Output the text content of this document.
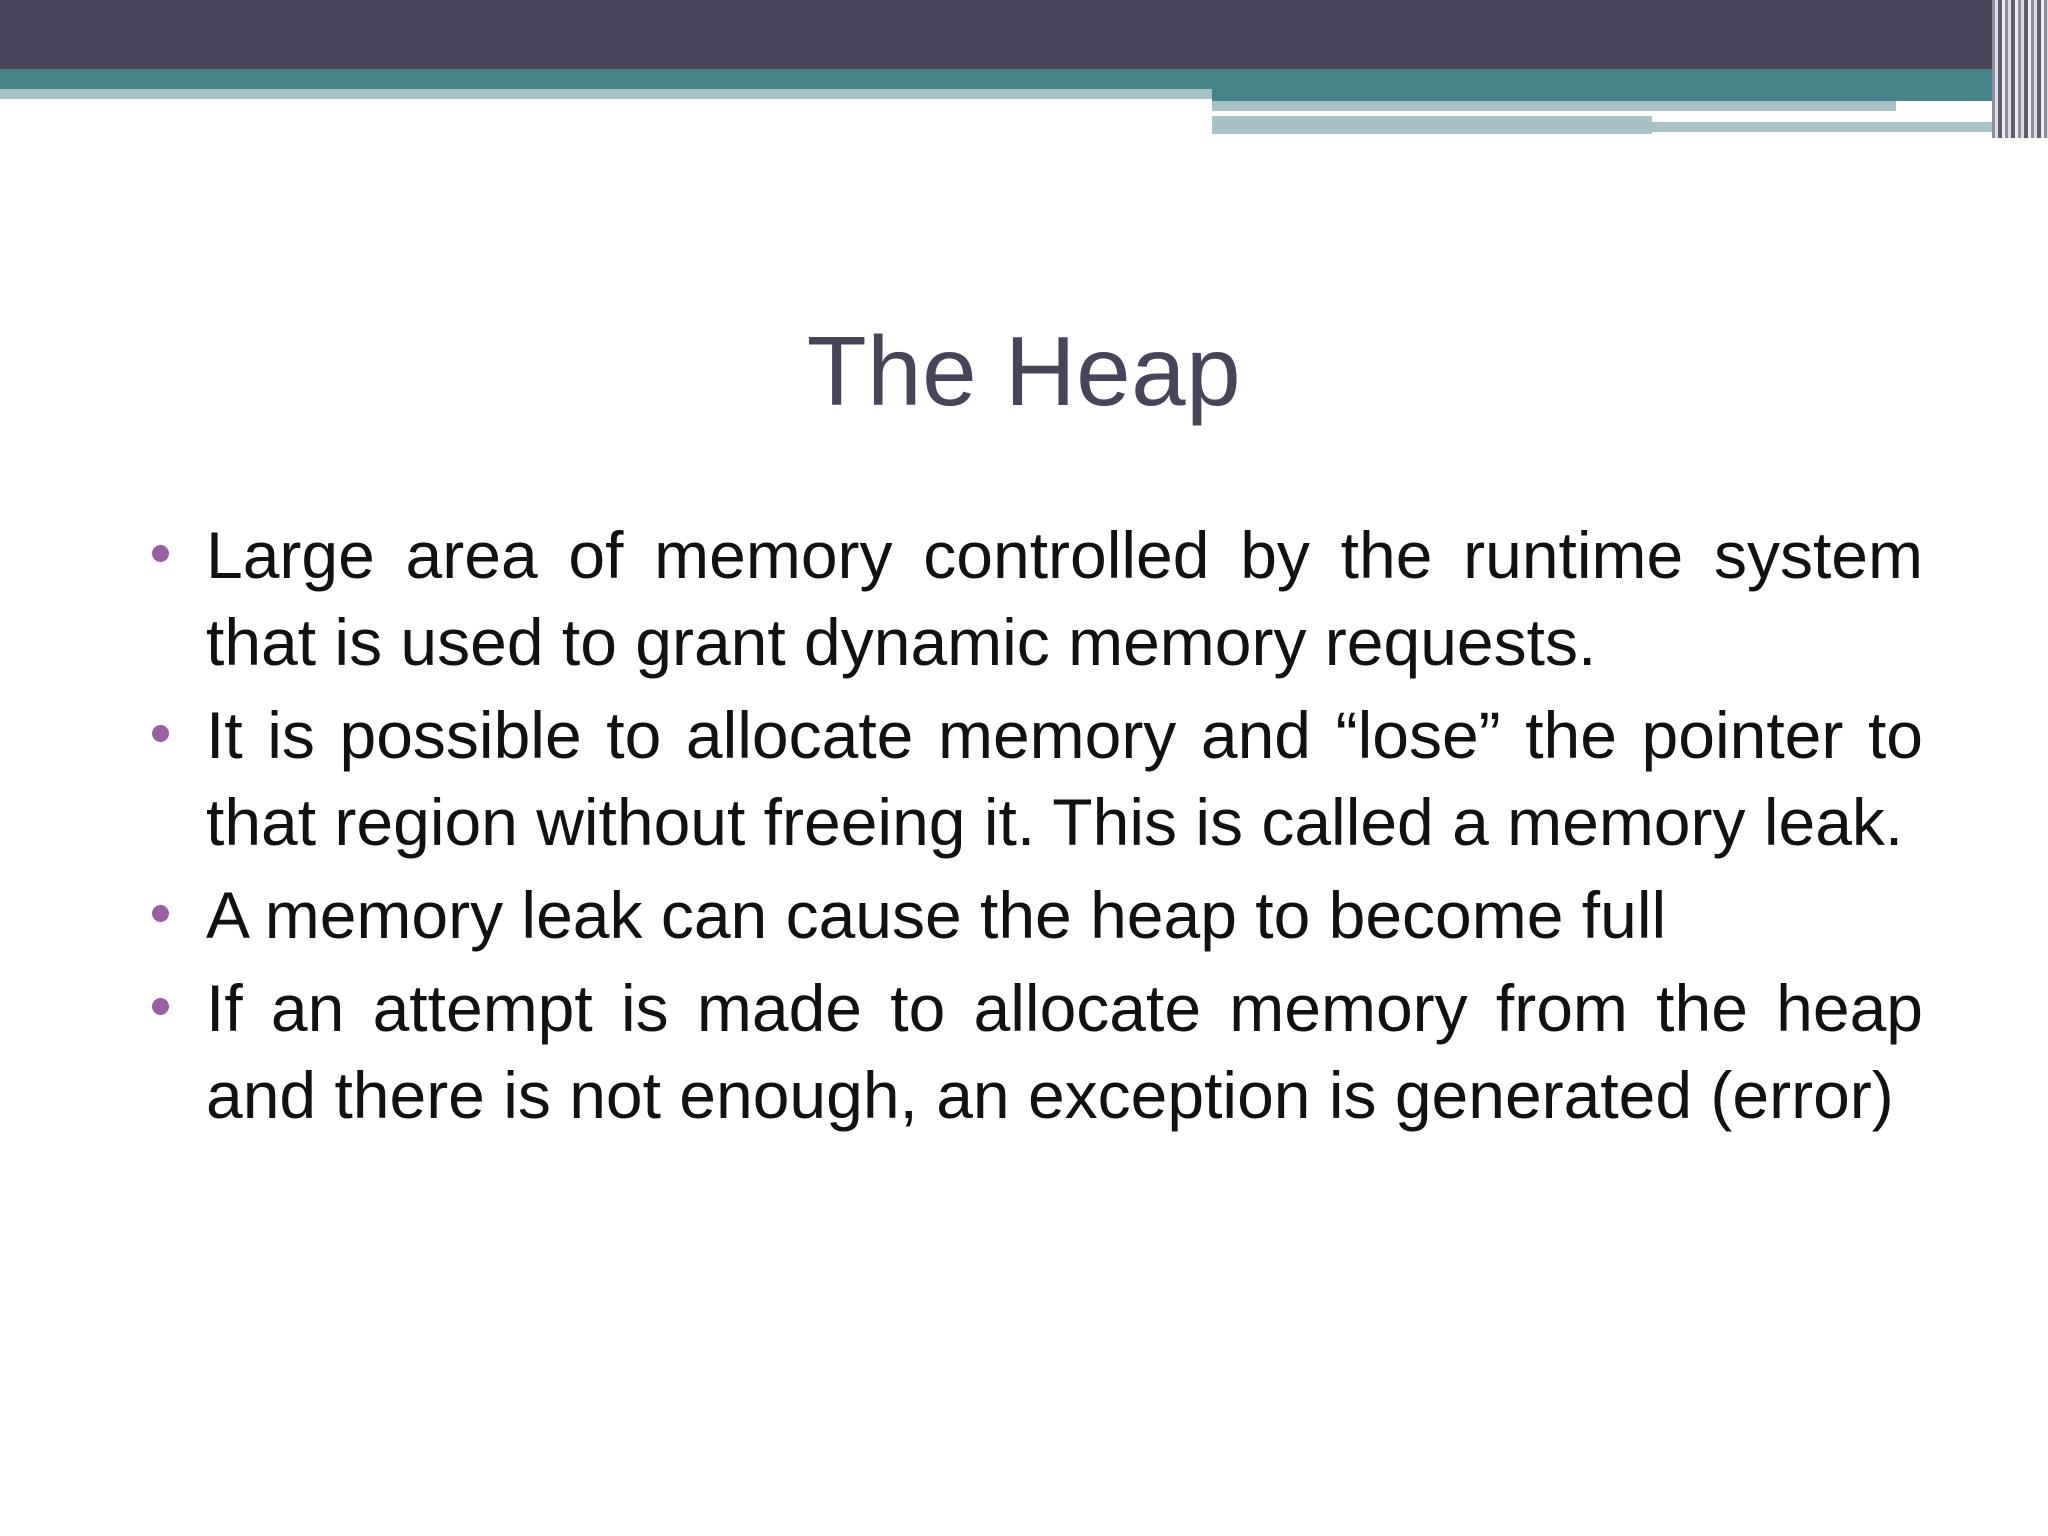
The Heap
Large area of memory controlled by the runtime system that is used to grant dynamic memory requests.
It is possible to allocate memory and “lose” the pointer to that region without freeing it. This is called a memory leak.
A memory leak can cause the heap to become full
If an attempt is made to allocate memory from the heap and there is not enough, an exception is generated (error)
